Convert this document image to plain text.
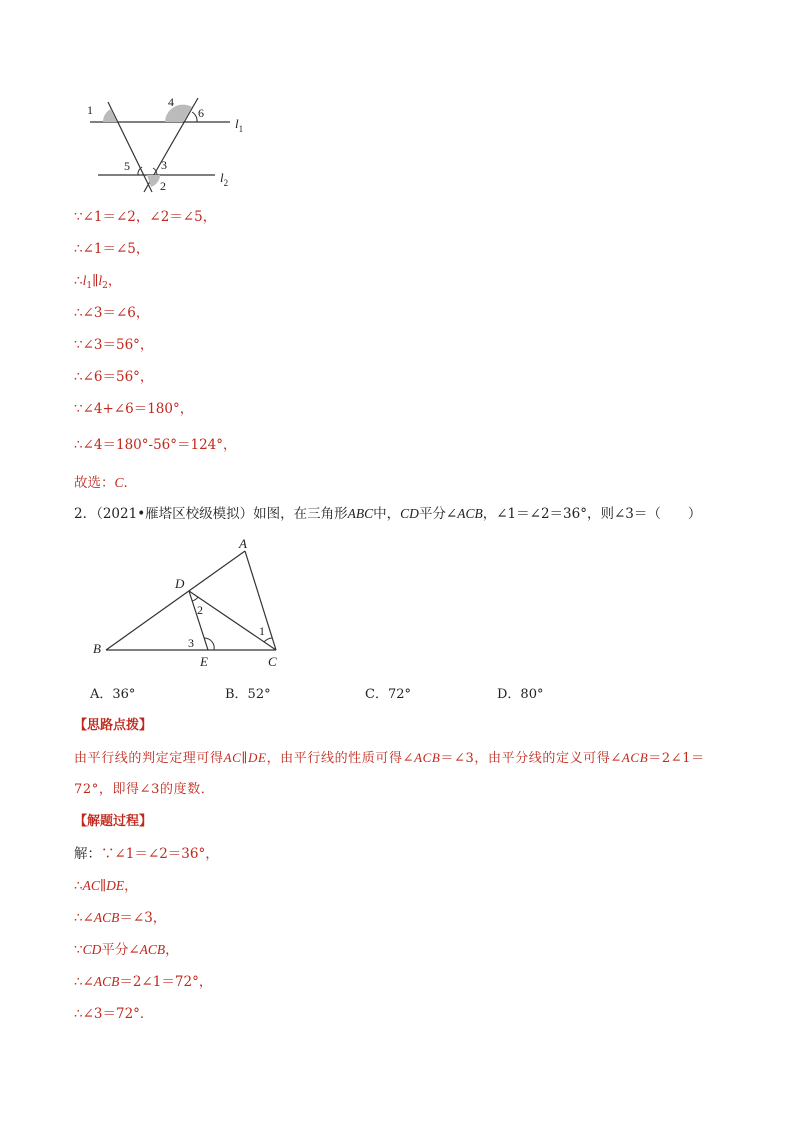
1
4
6
5	3
2
$l_1$
$l_2$
∵∠1＝∠2，∠2＝∠5，
∴∠1＝∠5，
$\therefore l_1\parallel l_2$，
∴∠3＝∠6，
∵∠3＝56°，
∴∠6＝56°，
∵∠4+∠6＝180°，
∴∠4＝180°-56°＝124°，
故选：C．
2．（2021•雁塔区校级模拟）如图，在三角形ABC中，CD平分∠ACB，∠1＝∠2＝36°，则∠3＝（　　）
A
B
C
D
E
1
2
3
A．36°	B．52°	C．72°	D．80°
【思路点拨】
由平行线的判定定理可得AC∥DE，由平行线的性质可得∠ACB＝∠3，由平分线的定义可得∠ACB＝2∠1＝
72°，即得∠3的度数．
【解题过程】
解：∵∠1＝∠2＝36°，
∴AC∥DE，
∴∠ACB＝∠3，
∵CD平分∠ACB，
∴∠ACB＝2∠1＝72°，
∴∠3＝72°．
